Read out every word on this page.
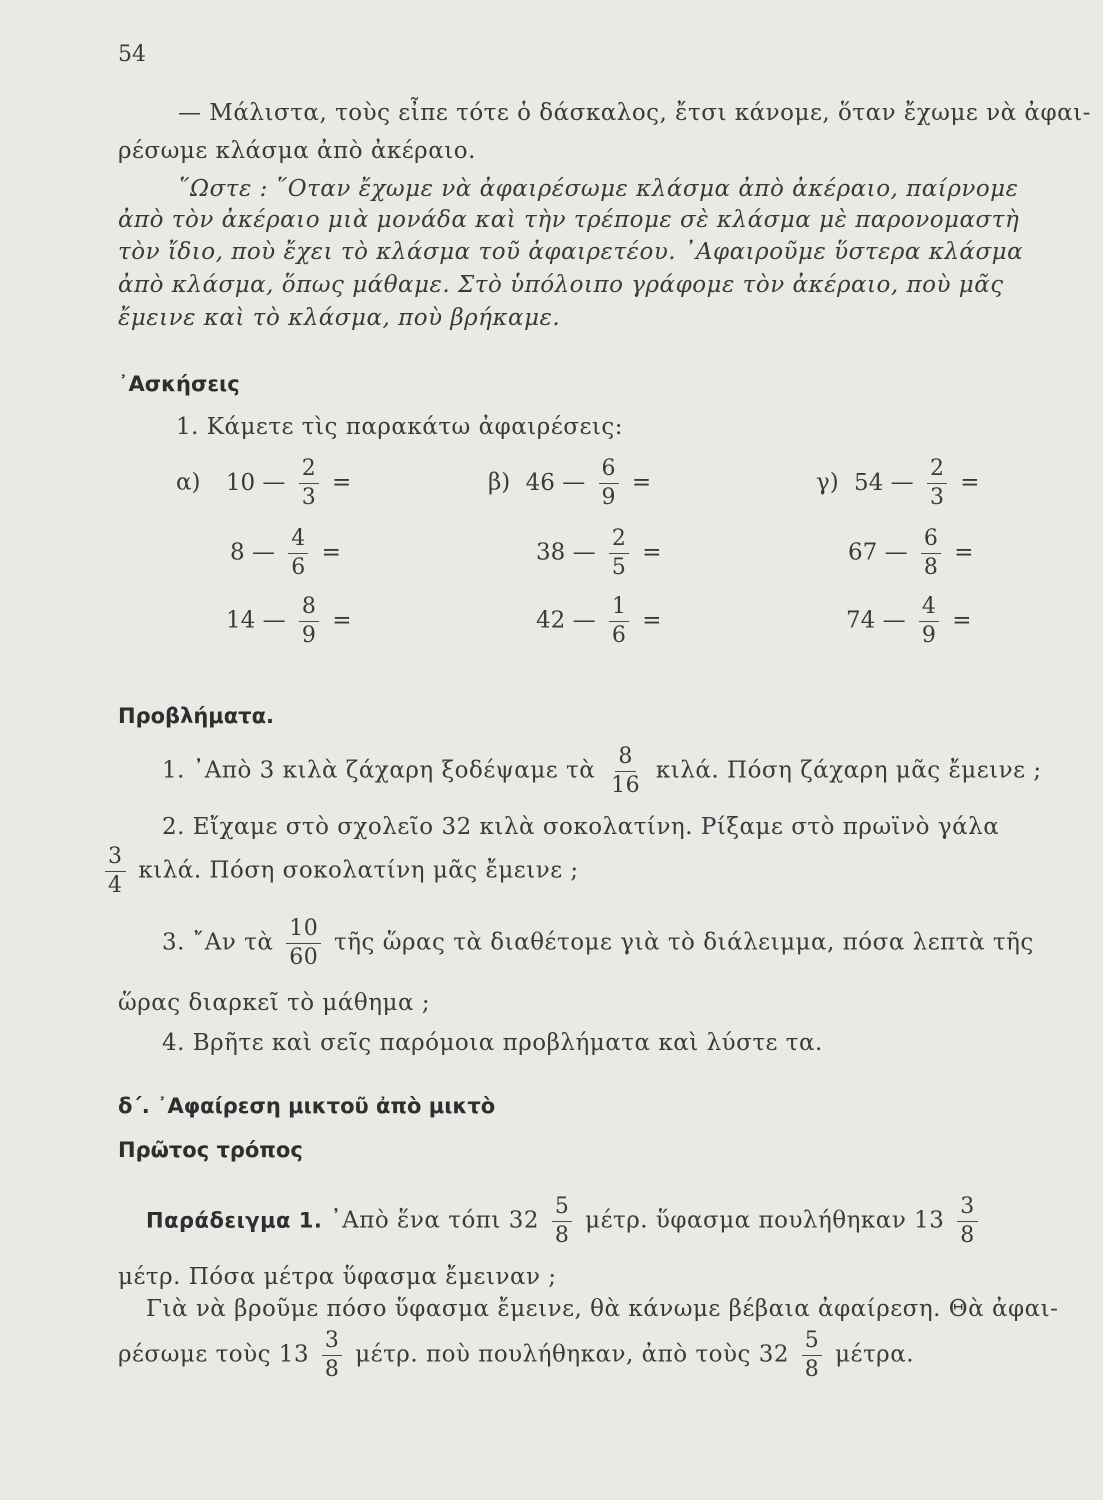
54
— Μάλιστα, τοὺς εἶπε τότε ὁ δάσκαλος, ἔτσι κάνομε, ὅταν ἔχωμε νὰ ἀφαι-
ρέσωμε κλάσμα ἀπὸ ἀκέραιο.
῞Ωστε : ῞Οταν ἔχωμε νὰ ἀφαιρέσωμε κλάσμα ἀπὸ ἀκέραιο, παίρνομε
ἀπὸ τὸν ἀκέραιο μιὰ μονάδα καὶ τὴν τρέπομε σὲ κλάσμα μὲ παρονομαστὴ
τὸν ἴδιο, ποὺ ἔχει τὸ κλάσμα τοῦ ἀφαιρετέου. ᾿Αφαιροῦμε ὕστερα κλάσμα
ἀπὸ κλάσμα, ὅπως μάθαμε. Στὸ ὑπόλοιπο γράφομε τὸν ἀκέραιο, ποὺ μᾶς
ἔμεινε καὶ τὸ κλάσμα, ποὺ βρήκαμε.
᾿Ασκήσεις
1. Κάμετε τὶς παρακάτω ἀφαιρέσεις:
α) 10 — $\frac{2}{3}$ =
8 — $\frac{4}{6}$ =
14 — $\frac{8}{9}$ =
β) 46 — $\frac{6}{9}$ =
38 — $\frac{2}{5}$ =
42 — $\frac{1}{6}$ =
γ) 54 — $\frac{2}{3}$ =
67 — $\frac{6}{8}$ =
74 — $\frac{4}{9}$ =
Προβλήματα.
1. ᾿Απὸ 3 κιλὰ ζάχαρη ξοδέψαμε τὰ $\frac{8}{16} \kappa\iota\lambda ά$. Πόση ζάχαρη μᾶς ἔμεινε ;
2. Εἴχαμε στὸ σχολεῖο 32 κιλὰ σοκολατίνη. Ρίξαμε στὸ πρωϊνὸ γάλα
$\frac{3}{4} \kappa\iota\lambda ά$. Πόση σοκολατίνη μᾶς ἔμεινε ;
3. ῎Αν τὰ $\frac{10}{60}$ τῆς ὥρας τὰ διαθέτομε γιὰ τὸ διάλειμμα, πόσα λεπτὰ τῆς
ὥρας διαρκεῖ τὸ μάθημα ;
4. Βρῆτε καὶ σεῖς παρόμοια προβλήματα καὶ λύστε τα.
δ΄. ᾿Αφαίρεση μικτοῦ ἀπὸ μικτὸ
Πρῶτος τρόπος
Παράδειγμα 1. ᾿Απὸ ἕνα τόπι $32 \frac{5}{8} \mu έ\tau\rho$. ὕφασμα πουλήθηκαν $13 \frac{3}{8}$
μέτρ. Πόσα μέτρα ὕφασμα ἔμειναν ;
Γιὰ νὰ βροῦμε πόσο ὕφασμα ἔμεινε, θὰ κάνωμε βέβαια ἀφαίρεση. Θὰ ἀφαι-
ρέσωμε τοὺς $13 \frac{3}{8} \mu έ\tau\rho$. ποὺ πουλήθηκαν, ἀπὸ τοὺς $32 \frac{5}{8} \mu έ\tau\rho\alpha$.
